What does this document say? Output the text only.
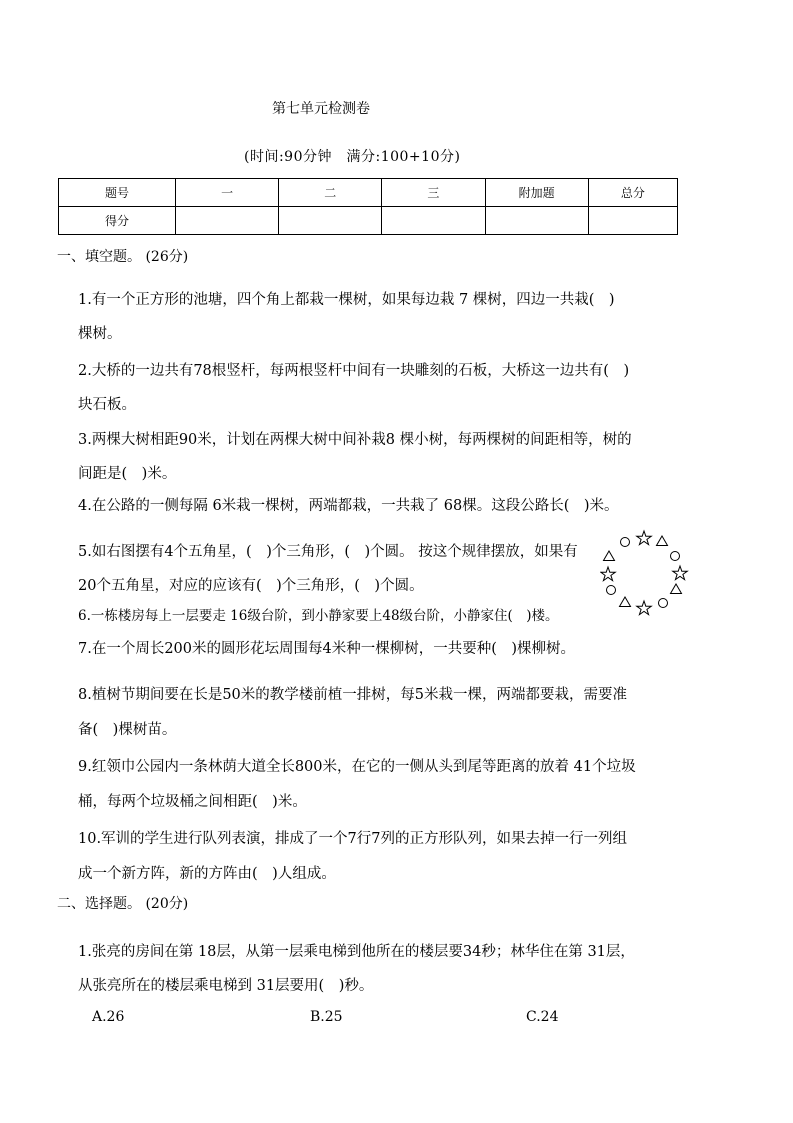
第七单元检测卷
(时间:90分钟　满分:100+10分)
题号	一	二	三	附加题	总分
得分					
一、填空题。 (26分)
1.有一个正方形的池塘，四个角上都栽一棵树，如果每边栽 7 棵树，四边一共栽(　)
棵树。
2.大桥的一边共有78根竖杆，每两根竖杆中间有一块雕刻的石板，大桥这一边共有(　)
块石板。
3.两棵大树相距90米，计划在两棵大树中间补栽8 棵小树，每两棵树的间距相等，树的
间距是(　)米。
4.在公路的一侧每隔 6米栽一棵树，两端都栽，一共栽了 68棵。这段公路长(　)米。
5.如右图摆有4个五角星，(　)个三角形，(　)个圆。 按这个规律摆放，如果有
20个五角星，对应的应该有(　)个三角形，(　)个圆。
6.一栋楼房每上一层要走 16级台阶，到小静家要上48级台阶，小静家住(　)楼。
7.在一个周长200米的圆形花坛周围每4米种一棵柳树，一共要种(　)棵柳树。
8.植树节期间要在长是50米的教学楼前植一排树，每5米栽一棵，两端都要栽，需要准
备(　)棵树苗。
9.红领巾公园内一条林荫大道全长800米，在它的一侧从头到尾等距离的放着 41个垃圾
桶，每两个垃圾桶之间相距(　)米。
10.军训的学生进行队列表演，排成了一个7行7列的正方形队列，如果去掉一行一列组
成一个新方阵，新的方阵由(　)人组成。
二、选择题。 (20分)
1.张亮的房间在第 18层，从第一层乘电梯到他所在的楼层要34秒；林华住在第 31层，
从张亮所在的楼层乘电梯到 31层要用(　)秒。
A.26	B.25	C.24
